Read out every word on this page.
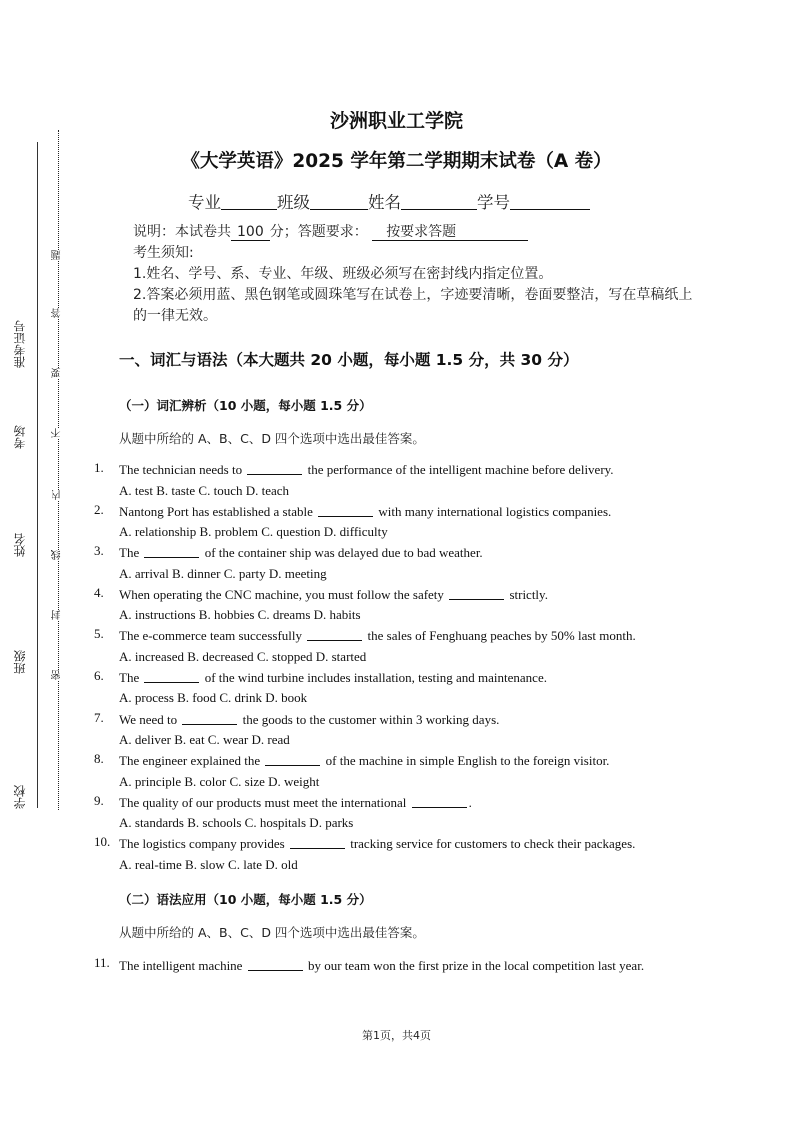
准考证号
考场
姓名
班级
学校
题
答
要
不
内
线
封
密
沙洲职业工学院
《大学英语》2025 学年第二学期期末试卷（A 卷）
专业	班级	姓名	学号

说明：本试卷共 100 分；答题要求： 按要求答题

考生须知:

1.姓名、学号、系、专业、年级、班级必须写在密封线内指定位置。

2.答案必须用蓝、黑色钢笔或圆珠笔写在试卷上，字迹要清晰，卷面要整洁，写在草稿纸上的一律无效。

一、词汇与语法（本大题共 20 小题，每小题 1.5 分，共 30 分）
（一）词汇辨析（10 小题，每小题 1.5 分）
从题中所给的 A、B、C、D 四个选项中选出最佳答案。
1. The technician needs to	the performance of the intelligent machine before delivery.
A. test B. taste C. touch D. teach
2. Nantong Port has established a stable	with many international logistics companies.
A. relationship B. problem C. question D. difficulty
3. The	of the container ship was delayed due to bad weather.
A. arrival B. dinner C. party D. meeting
4. When operating the CNC machine, you must follow the safety	strictly.
A. instructions B. hobbies C. dreams D. habits
5. The e-commerce team successfully	the sales of Fenghuang peaches by 50% last month.
A. increased B. decreased C. stopped D. started
6. The	of the wind turbine includes installation, testing and maintenance.
A. process B. food C. drink D. book
7. We need to	the goods to the customer within 3 working days.
A. deliver B. eat C. wear D. read
8. The engineer explained the	of the machine in simple English to the foreign visitor.
A. principle B. color C. size D. weight
9. The quality of our products must meet the international	.
A. standards B. schools C. hospitals D. parks
10. The logistics company provides	tracking service for customers to check their packages.
A. real-time B. slow C. late D. old
（二）语法应用（10 小题，每小题 1.5 分）
从题中所给的 A、B、C、D 四个选项中选出最佳答案。
11. The intelligent machine	by our team won the first prize in the local competition last year.
第1页，共4页
